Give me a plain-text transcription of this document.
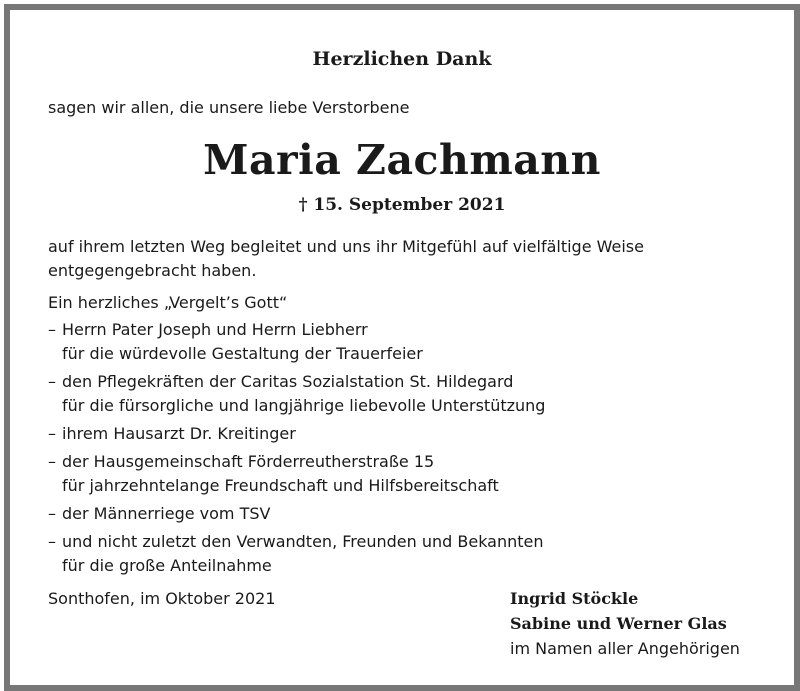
Herzlichen Dank
sagen wir allen, die unsere liebe Verstorbene
Maria Zachmann
† 15. September 2021
auf ihrem letzten Weg begleitet und uns ihr Mitgefühl auf vielfältige Weise
entgegengebracht haben.
Ein herzliches „Vergelt’s Gott“
– Herrn Pater Joseph und Herrn Liebherr
für die würdevolle Gestaltung der Trauerfeier
– den Pflegekräften der Caritas Sozialstation St. Hildegard
für die fürsorgliche und langjährige liebevolle Unterstützung
– ihrem Hausarzt Dr. Kreitinger
– der Hausgemeinschaft Förderreutherstraße 15
für jahrzehntelange Freundschaft und Hilfsbereitschaft
– der Männerriege vom TSV
– und nicht zuletzt den Verwandten, Freunden und Bekannten
für die große Anteilnahme
Sonthofen, im Oktober 2021	Ingrid Stöckle
Sabine und Werner Glas
im Namen aller Angehörigen
